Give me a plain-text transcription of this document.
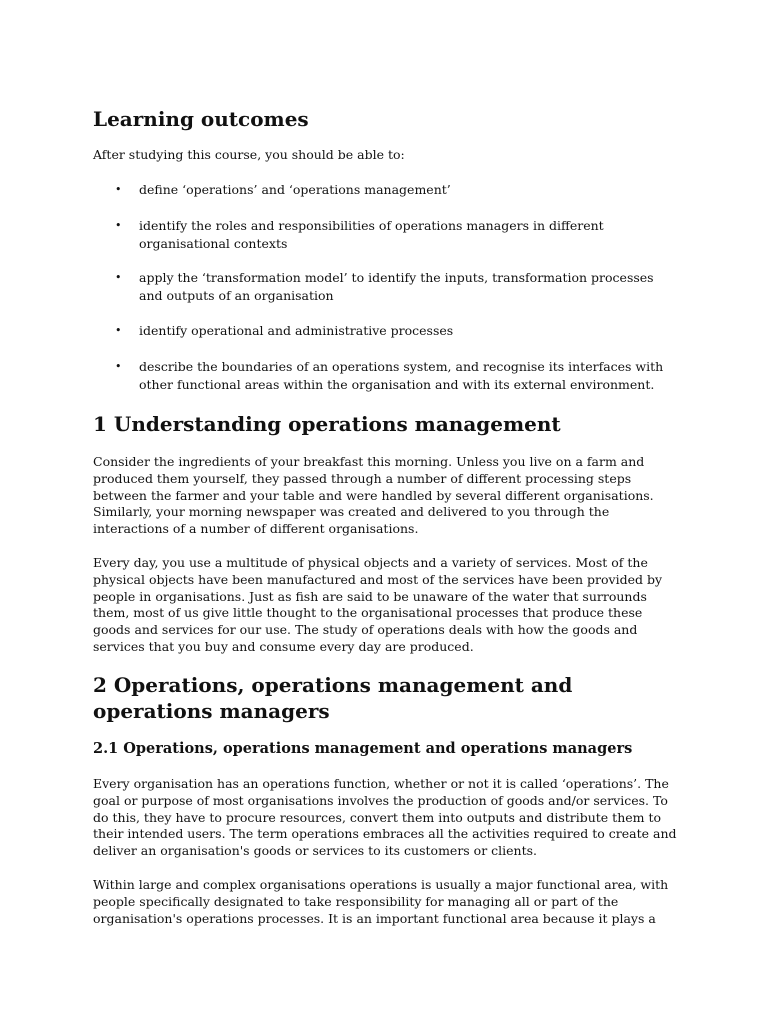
Learning outcomes

After studying this course, you should be able to:

• define ‘operations’ and ‘operations management’
• identify the roles and responsibilities of operations managers in different organisational contexts
• apply the ‘transformation model’ to identify the inputs, transformation processes and outputs of an organisation
• identify operational and administrative processes
• describe the boundaries of an operations system, and recognise its interfaces with other functional areas within the organisation and with its external environment.
1 Understanding operations management

Consider the ingredients of your breakfast this morning. Unless you live on a farm and produced them yourself, they passed through a number of different processing steps between the farmer and your table and were handled by several different organisations. Similarly, your morning newspaper was created and delivered to you through the interactions of a number of different organisations.

Every day, you use a multitude of physical objects and a variety of services. Most of the physical objects have been manufactured and most of the services have been provided by people in organisations. Just as fish are said to be unaware of the water that surrounds them, most of us give little thought to the organisational processes that produce these goods and services for our use. The study of operations deals with how the goods and services that you buy and consume every day are produced.

2 Operations, operations management and operations managers
2.1 Operations, operations management and operations managers

Every organisation has an operations function, whether or not it is called ‘operations’. The goal or purpose of most organisations involves the production of goods and/or services. To do this, they have to procure resources, convert them into outputs and distribute them to their intended users. The term operations embraces all the activities required to create and deliver an organisation's goods or services to its customers or clients.

Within large and complex organisations operations is usually a major functional area, with people specifically designated to take responsibility for managing all or part of the organisation's operations processes. It is an important functional area because it plays a
